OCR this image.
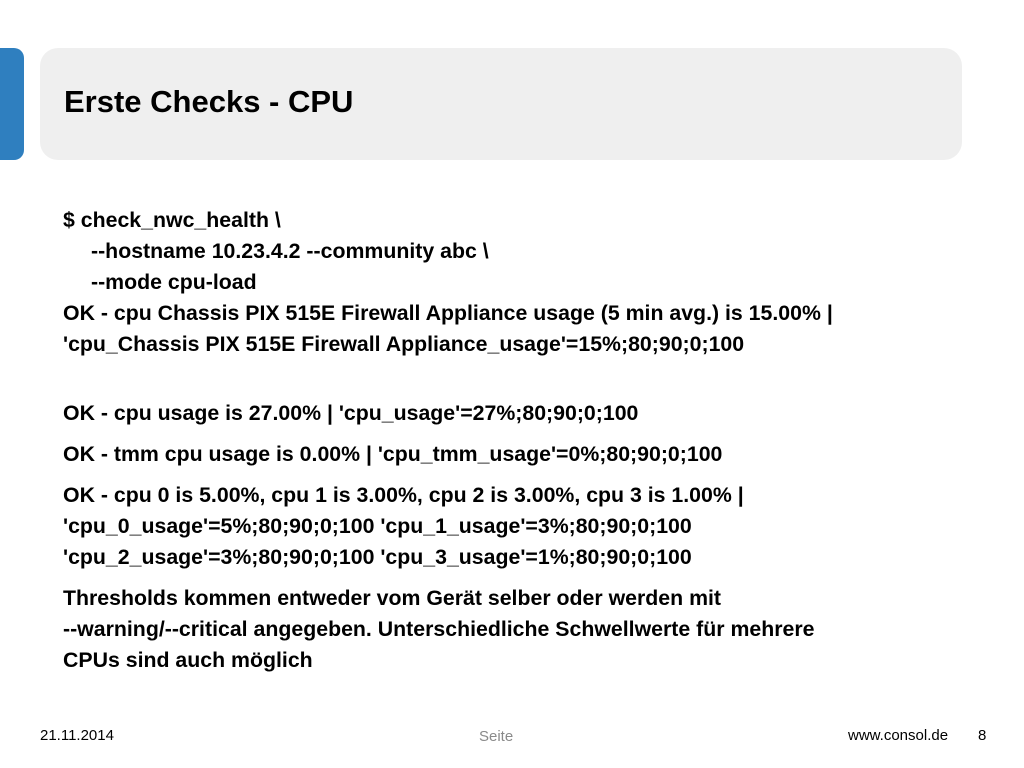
Erste Checks - CPU
$ check_nwc_health \
--hostname 10.23.4.2 --community abc \
--mode cpu-load
OK - cpu Chassis PIX 515E Firewall Appliance usage (5 min avg.) is 15.00% |
'cpu_Chassis PIX 515E Firewall Appliance_usage'=15%;80;90;0;100
OK - cpu usage is 27.00% | 'cpu_usage'=27%;80;90;0;100
OK - tmm cpu usage is 0.00% | 'cpu_tmm_usage'=0%;80;90;0;100
OK - cpu 0 is 5.00%, cpu 1 is 3.00%, cpu 2 is 3.00%, cpu 3 is 1.00% |
'cpu_0_usage'=5%;80;90;0;100 'cpu_1_usage'=3%;80;90;0;100
'cpu_2_usage'=3%;80;90;0;100 'cpu_3_usage'=1%;80;90;0;100
Thresholds kommen entweder vom Gerät selber oder werden mit
--warning/--critical angegeben. Unterschiedliche Schwellwerte für mehrere
CPUs sind auch möglich
21.11.2014	Seite	www.consol.de 8
